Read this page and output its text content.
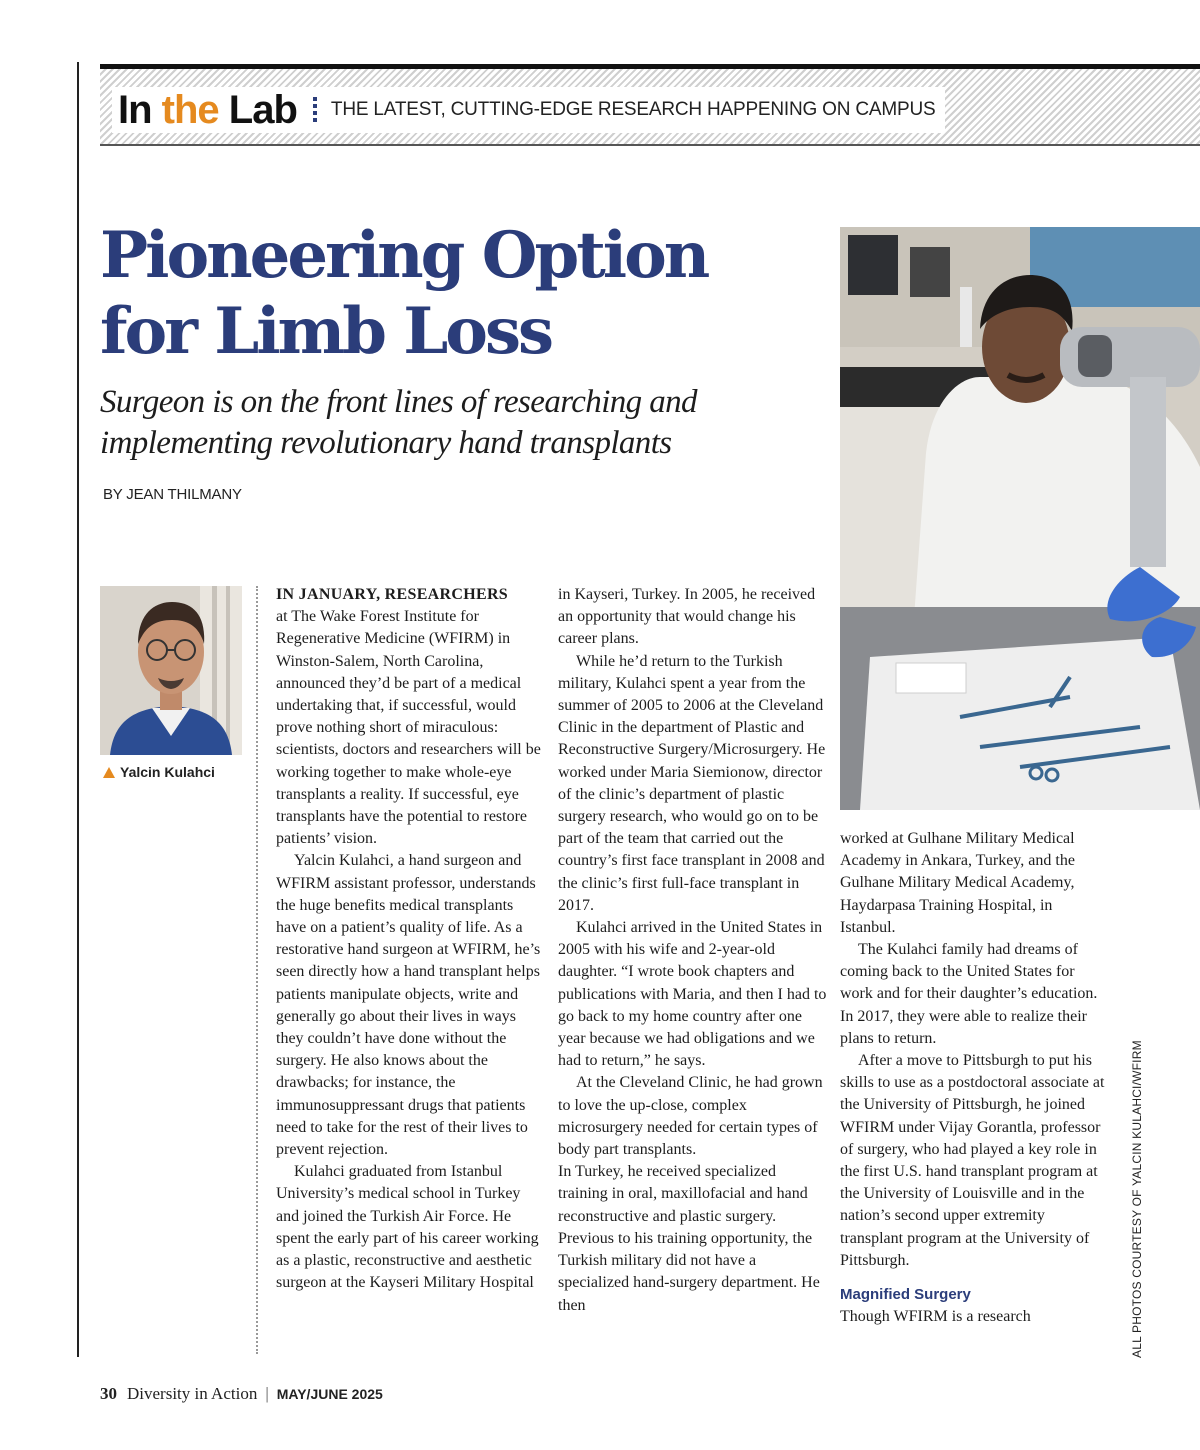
In the Lab THE LATEST, CUTTING-EDGE RESEARCH HAPPENING ON CAMPUS
Pioneering Option
for Limb Loss

Surgeon is on the front lines of researching and
implementing revolutionary hand transplants

BY JEAN THILMANY
Yalcin Kulahci

IN JANUARY, RESEARCHERS
at The Wake Forest Institute for Regenerative Medicine (WFIRM) in Winston-Salem, North Carolina, announced they’d be part of a medical undertaking that, if successful, would prove nothing short of miraculous: scientists, doctors and researchers will be working together to make whole-eye transplants a reality. If successful, eye transplants have the potential to restore patients’ vision.

Yalcin Kulahci, a hand surgeon and WFIRM assistant professor, understands the huge benefits medical transplants have on a patient’s quality of life. As a restorative hand surgeon at WFIRM, he’s seen directly how a hand transplant helps patients manipulate objects, write and generally go about their lives in ways they couldn’t have done without the surgery. He also knows about the drawbacks; for instance, the immunosuppressant drugs that patients need to take for the rest of their lives to prevent rejection.

Kulahci graduated from Istanbul University’s medical school in Turkey and joined the Turkish Air Force. He spent the early part of his career working as a plastic, reconstructive and aesthetic surgeon at the Kayseri Military Hospital

in Kayseri, Turkey. In 2005, he received an opportunity that would change his career plans.

While he’d return to the Turkish military, Kulahci spent a year from the summer of 2005 to 2006 at the Cleveland Clinic in the department of Plastic and Reconstructive Surgery/Microsurgery. He worked under Maria Siemionow, director of the clinic’s department of plastic surgery research, who would go on to be part of the team that carried out the country’s first face transplant in 2008 and the clinic’s first full-face transplant in 2017.

Kulahci arrived in the United States in 2005 with his wife and 2-year-old daughter. “I wrote book chapters and publications with Maria, and then I had to go back to my home country after one year because we had obligations and we had to return,” he says.

At the Cleveland Clinic, he had grown to love the up-close, complex microsurgery needed for certain types of body part transplants.

In Turkey, he received specialized training in oral, maxillofacial and hand reconstructive and plastic surgery. Previous to his training opportunity, the Turkish military did not have a specialized hand-surgery department. He then

worked at Gulhane Military Medical Academy in Ankara, Turkey, and the Gulhane Military Medical Academy, Haydarpasa Training Hospital, in Istanbul.

The Kulahci family had dreams of coming back to the United States for work and for their daughter’s education. In 2017, they were able to realize their plans to return.

After a move to Pittsburgh to put his skills to use as a postdoctoral associate at the University of Pittsburgh, he joined WFIRM under Vijay Gorantla, professor of surgery, who had played a key role in the first U.S. hand transplant program at the University of Louisville and in the nation’s second upper extremity transplant program at the University of Pittsburgh.

Magnified Surgery

Though WFIRM is a research	ALL PHOTOS COURTESY OF YALCIN KULAHCI/WFIRM
30 Diversity in Action | MAY/JUNE 2025
